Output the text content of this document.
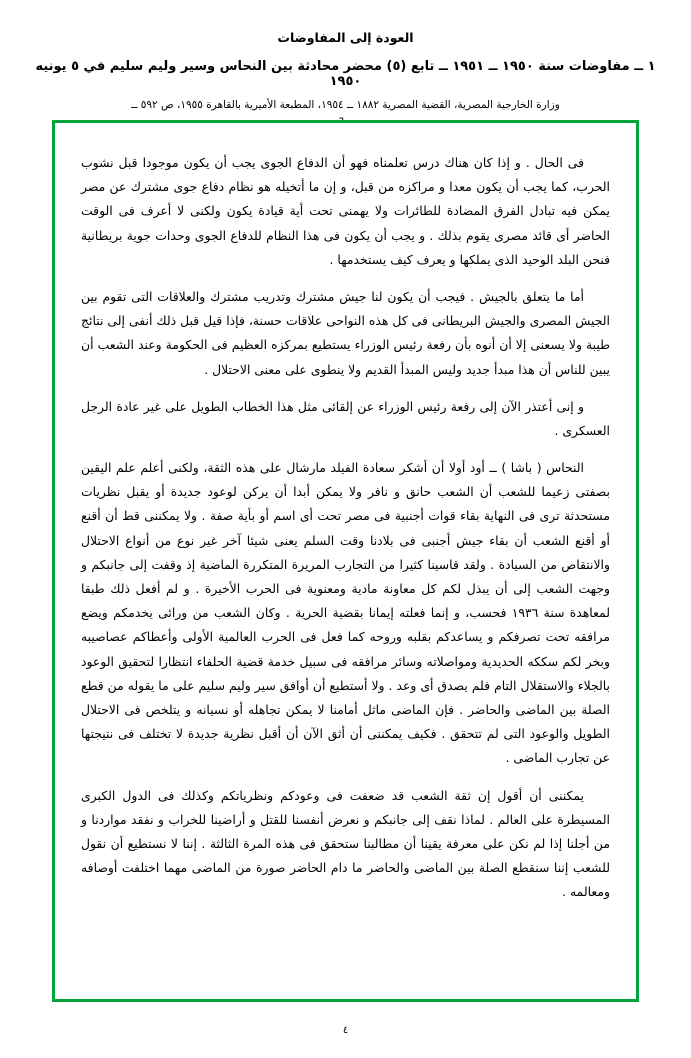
العودة إلى المفاوضات
١ ــ مفاوضات سنة ١٩٥٠ ــ ١٩٥١ ــ تابع (٥) محضر محادثة بين النحاس وسير وليم سليم في ٥ يونيه ١٩٥٠
وزارة الخارجية المصرية، القضية المصرية ١٨٨٢ ــ ١٩٥٤، المطبعة الأميرية بالقاهرة ١٩٥٥، ص ٥٩٢ ــ

فى الحال . و إذا كان هناك درس تعلمناه فهو أن الدفاع الجوى يجب أن يكون موجودا قبل نشوب الحرب، كما يجب أن يكون معدا و مراكزه من قبل، و إن ما أتخيله هو نظام دفاع جوى مشترك عن مصر يمكن فيه تبادل الفرق المضادة للطائرات ولا يهمنى تحت أية قيادة يكون ولكنى لا أعرف فى الوقت الحاضر أى قائد مصرى يقوم بذلك . و يجب أن يكون فى هذا النظام للدفاع الجوى وحدات جوية بريطانية فنحن البلد الوحيد الذى يملكها و يعرف كيف يستخدمها .

أما ما يتعلق بالجيش . فيجب أن يكون لنا جيش مشترك وتدريب مشترك والعلاقات التى تقوم بين الجيش المصرى والجيش البريطانى فى كل هذه النواحى علاقات حسنة، فإذا قيل قبل ذلك أنفى إلى نتائج طيبة ولا يسعنى إلا أن أنوه بأن رفعة رئيس الوزراء يستطيع بمركزه العظيم فى الحكومة وعند الشعب أن يبين للناس أن هذا مبدأ جديد وليس المبدأ القديم ولا ينطوى على معنى الاحتلال .

و إنى أعتذر الآن إلى رفعة رئيس الوزراء عن إلقائى مثل هذا الخطاب الطويل على غير عادة الرجل العسكرى .

النحاس ( باشا ) ــ أود أولا أن أشكر سعادة الفيلد مارشال على هذه الثقة، ولكنى أعلم علم اليقين بصفتى زعيما للشعب أن الشعب حانق و نافر ولا يمكن أبدا أن يركن لوعود جديدة أو يقبل نظريات مستحدثة ترى فى النهاية بقاء قوات أجنبية فى مصر تحت أى اسم أو بأية صفة . ولا يمكننى قط أن أقنع أو أقنع الشعب أن بقاء جيش أجنبى فى بلادنا وقت السلم يعنى شيئا آخر غير نوع من أنواع الاحتلال والانتقاص من السيادة . ولقد قاسينا كثيرا من التجارب المريرة المتكررة الماضية إذ وقفت إلى جانبكم و وجهت الشعب إلى أن يبذل لكم كل معاونة مادية ومعنوية فى الحرب الأخيرة . و لم أفعل ذلك طبقا لمعاهدة سنة ١٩٣٦ فحسب، و إنما فعلته إيمانا بقضية الحرية . وكان الشعب من ورائى يخدمكم ويضع مرافقه تحت تصرفكم و يساعدكم بقلبه وروحه كما فعل فى الحرب العالمية الأولى وأعطاكم عصاصيبه وبخر لكم سككه الحديدية ومواصلاته وسائر مرافقه فى سبيل خدمة قضية الحلفاء انتظارا لتحقيق الوعود بالجلاء والاستقلال التام فلم يصدق أى وعد . ولا أستطيع أن أوافق سير وليم سليم على ما يقوله من قطع الصلة بين الماضى والحاضر . فإن الماضى ماثل أمامنا لا يمكن تجاهله أو نسيانه و يتلخص فى الاحتلال الطويل والوعود التى لم تتحقق . فكيف يمكننى أن أثق الآن أن أقبل نظرية جديدة لا تختلف فى نتيجتها عن تجارب الماضى .

يمكننى أن أقول إن ثقة الشعب قد ضعفت فى وعودكم ونظرياتكم وكذلك فى الدول الكبرى المسيطرة على العالم . لماذا نقف إلى جانبكم و نعرض أنفسنا للقتل و أراضينا للخراب و نفقد مواردنا و من أجلنا إذا لم نكن على معرفة يقينا أن مطالبنا ستحقق فى هذه المرة الثالثة . إننا لا نستطيع أن نقول للشعب إننا سنقطع الصلة بين الماضى والحاضر ما دام الحاضر صورة من الماضى مهما اختلفت أوصافه ومعالمه .

٤
